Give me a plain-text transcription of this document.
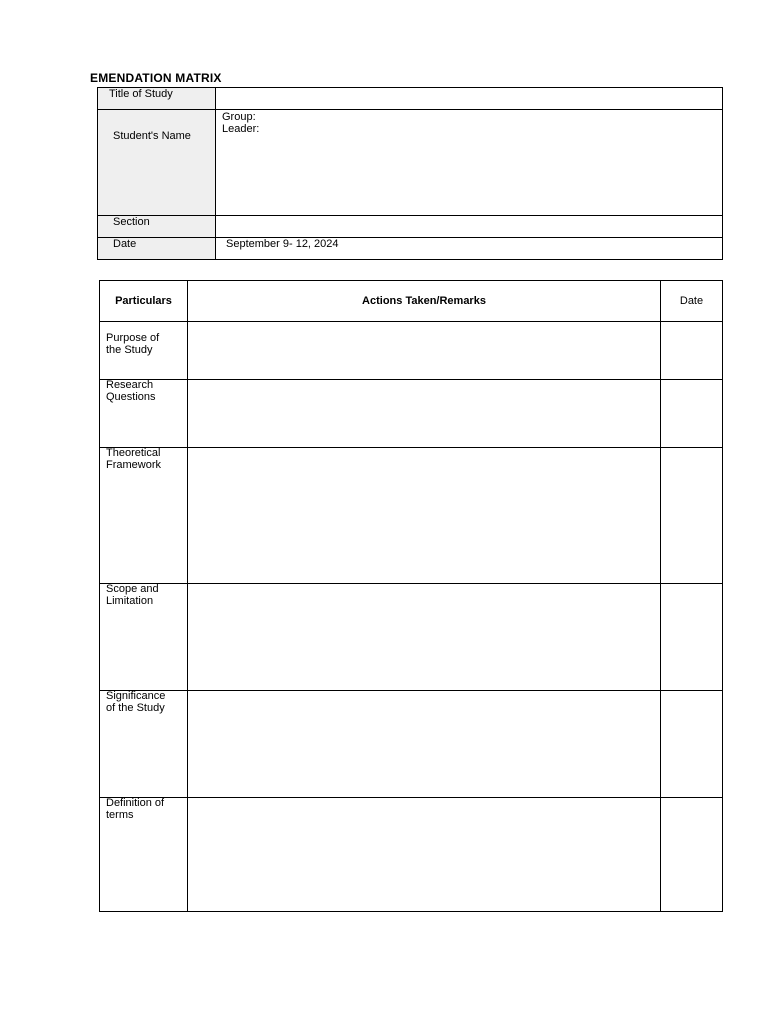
EMENDATION MATRIX
Title of Study	

Student's Name	Group:
Leader:

Section	

Date	September 9- 12, 2024
Particulars	Actions Taken/Remarks	Date

Purpose of
the Study		

Research
Questions		

Theoretical
Framework		

Scope and
Limitation		

Significance
of the Study		

Definition of
terms		
